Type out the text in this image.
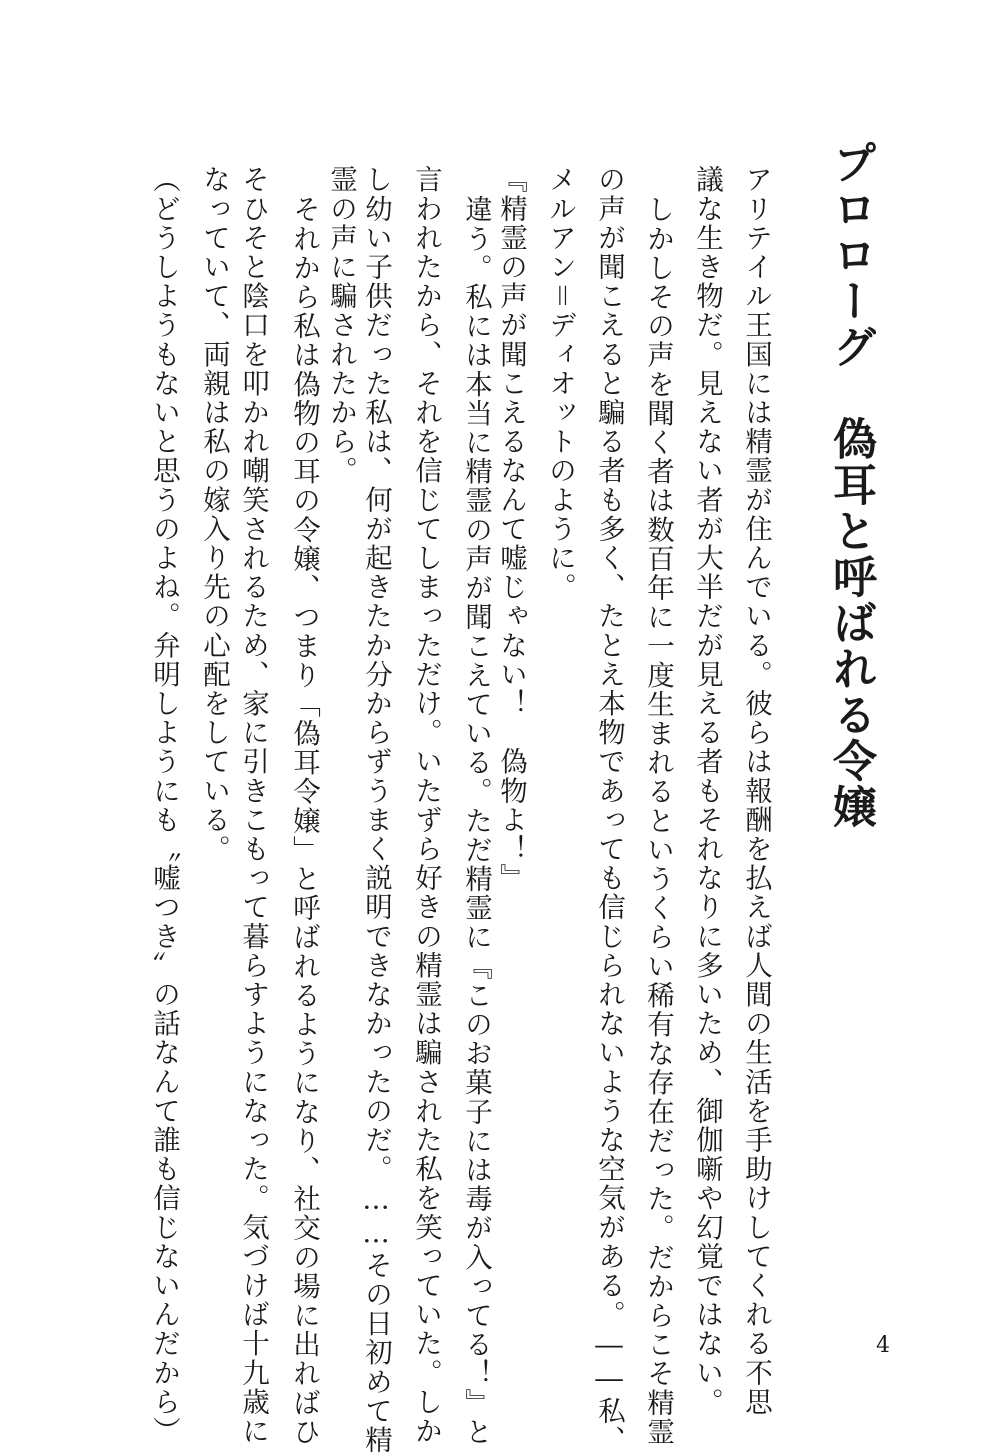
プロローグ　偽耳と呼ばれる令嬢
アリテイル王国には精霊が住んでいる。彼らは報酬を払えば人間の生活を手助けしてくれる不思
議な生き物だ。見えない者が大半だが見える者もそれなりに多いため、御伽噺や幻覚ではない。
しかしその声を聞く者は数百年に一度生まれるというくらい稀有な存在だった。だからこそ精霊
の声が聞こえると騙る者も多く、たとえ本物であっても信じられないような空気がある。――私、
メルアン＝ディオットのように。
『精霊の声が聞こえるなんて嘘じゃない！　偽物よ！』
違う。私には本当に精霊の声が聞こえている。ただ精霊に『このお菓子には毒が入ってる！』と
言われたから、それを信じてしまっただけ。いたずら好きの精霊は騙された私を笑っていた。しか
し幼い子供だった私は、何が起きたか分からずうまく説明できなかったのだ。……その日初めて精
霊の声に騙されたから。
それから私は偽物の耳の令嬢、つまり「偽耳令嬢」と呼ばれるようになり、社交の場に出ればひ
そひそと陰口を叩かれ嘲笑されるため、家に引きこもって暮らすようになった。気づけば十九歳に
なっていて、両親は私の嫁入り先の心配をしている。
（どうしようもないと思うのよね。弁明しようにも〝嘘つき〟の話なんて誰も信じないんだから）	4
